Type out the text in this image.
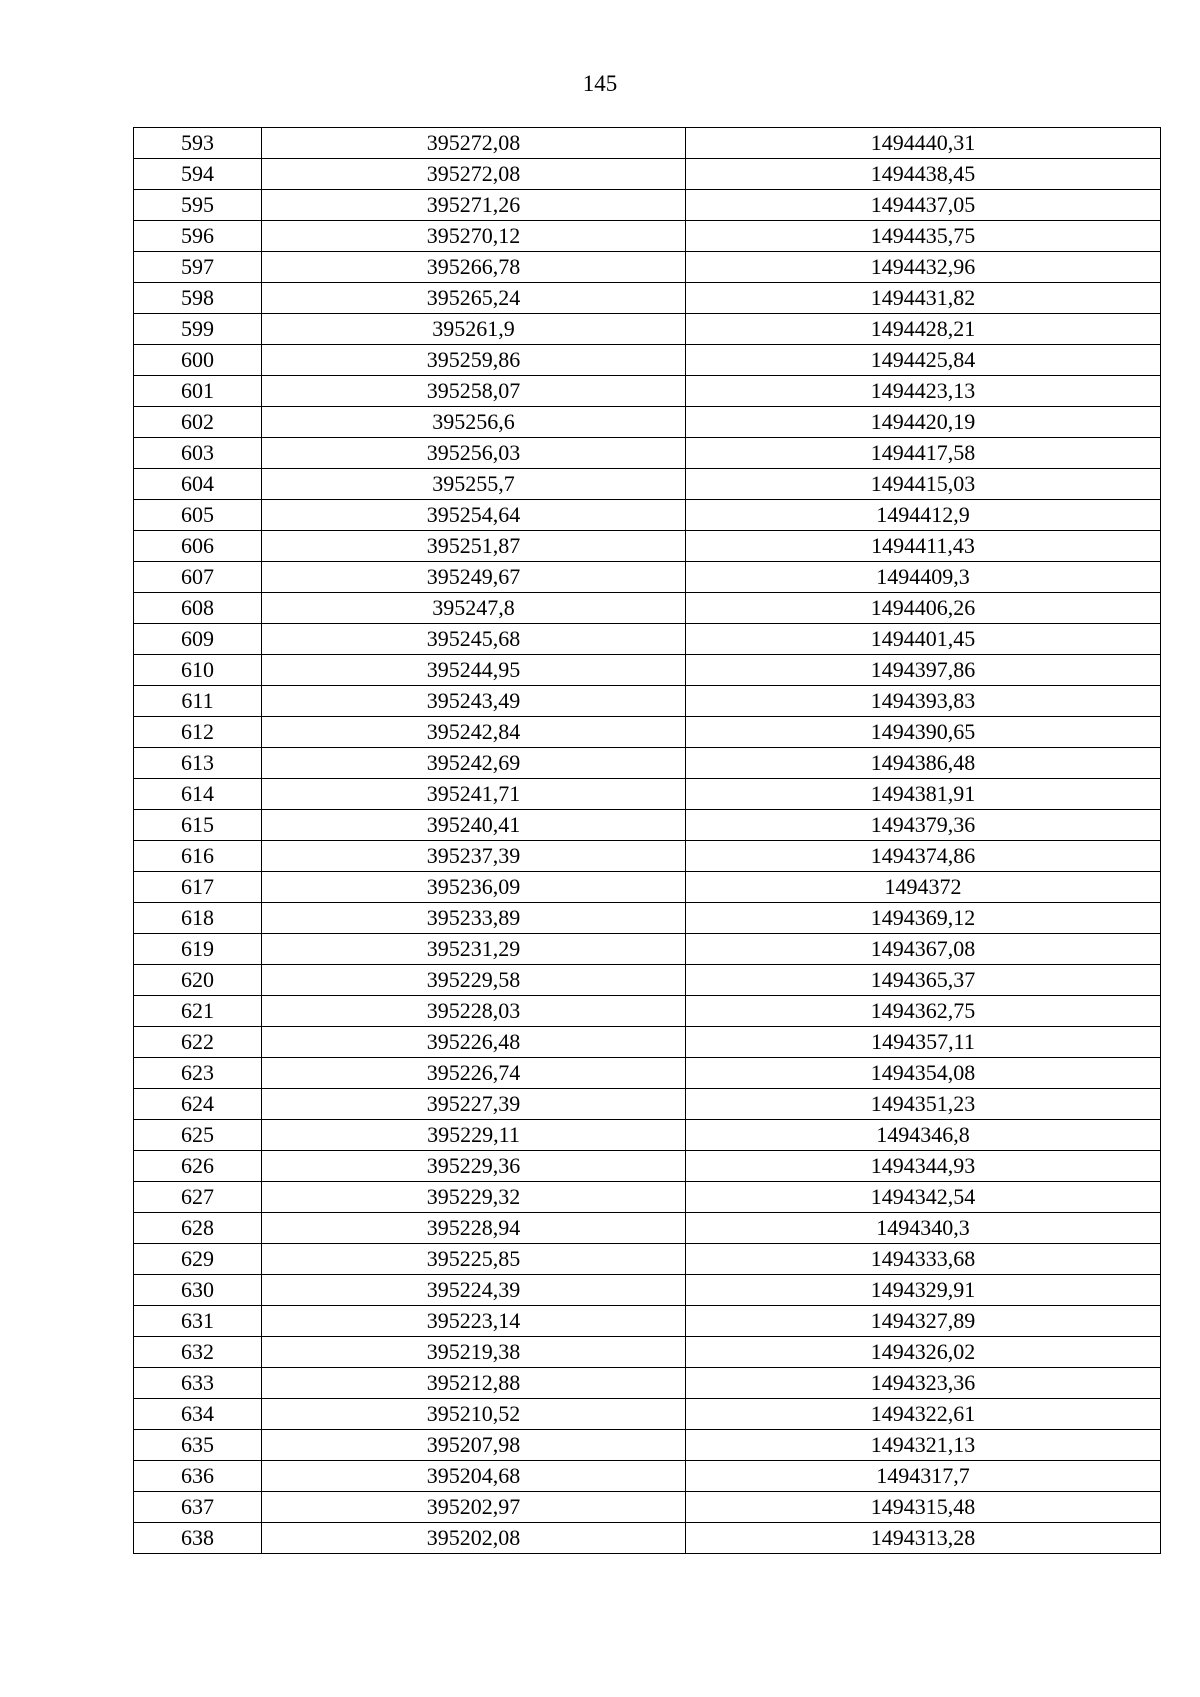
145
593	395272,08	1494440,31
594	395272,08	1494438,45
595	395271,26	1494437,05
596	395270,12	1494435,75
597	395266,78	1494432,96
598	395265,24	1494431,82
599	395261,9	1494428,21
600	395259,86	1494425,84
601	395258,07	1494423,13
602	395256,6	1494420,19
603	395256,03	1494417,58
604	395255,7	1494415,03
605	395254,64	1494412,9
606	395251,87	1494411,43
607	395249,67	1494409,3
608	395247,8	1494406,26
609	395245,68	1494401,45
610	395244,95	1494397,86
611	395243,49	1494393,83
612	395242,84	1494390,65
613	395242,69	1494386,48
614	395241,71	1494381,91
615	395240,41	1494379,36
616	395237,39	1494374,86
617	395236,09	1494372
618	395233,89	1494369,12
619	395231,29	1494367,08
620	395229,58	1494365,37
621	395228,03	1494362,75
622	395226,48	1494357,11
623	395226,74	1494354,08
624	395227,39	1494351,23
625	395229,11	1494346,8
626	395229,36	1494344,93
627	395229,32	1494342,54
628	395228,94	1494340,3
629	395225,85	1494333,68
630	395224,39	1494329,91
631	395223,14	1494327,89
632	395219,38	1494326,02
633	395212,88	1494323,36
634	395210,52	1494322,61
635	395207,98	1494321,13
636	395204,68	1494317,7
637	395202,97	1494315,48
638	395202,08	1494313,28
